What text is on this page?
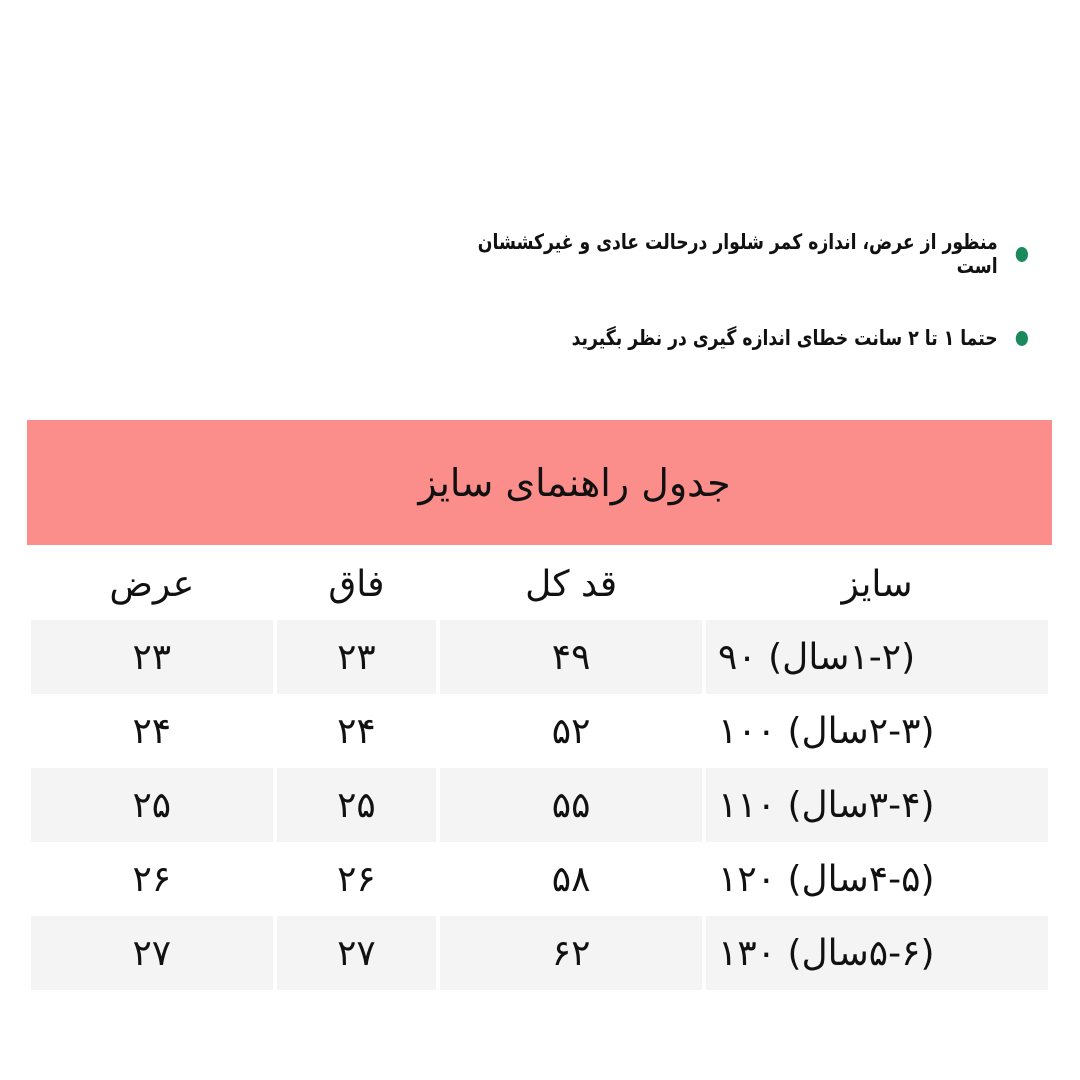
منظور از عرض، اندازه کمر شلوار درحالت عادی و غیرکششان است
حتما ۱ تا ۲ سانت خطای اندازه گیری در نظر بگیرید
جدول راهنمای سایز
سایز	قد کل	فاق	عرض
(۱-۲سال) ۹۰	۴۹	۲۳	۲۳
(۲-۳سال) ۱۰۰	۵۲	۲۴	۲۴
(۳-۴سال) ۱۱۰	۵۵	۲۵	۲۵
(۴-۵سال) ۱۲۰	۵۸	۲۶	۲۶
(۵-۶سال) ۱۳۰	۶۲	۲۷	۲۷
